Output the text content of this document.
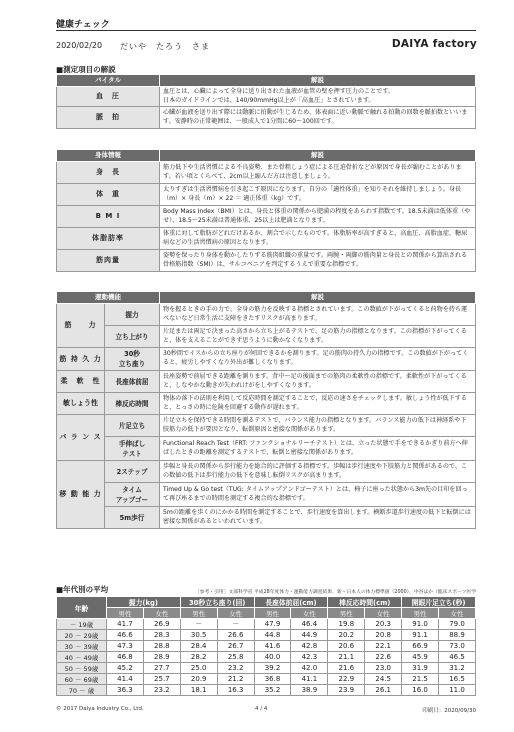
健康チェック
2020/02/20 だいや　たろう　さま	DAIYA factory
■測定項目の解説
バイタル	解説
血　圧	血圧とは、心臓によって全身に送り出された血液が血管の壁を押す圧力のことです。
日本のガイドラインでは、140/90mmHg以上が「高血圧」とされています。
脈　拍	心臓が血液を送り出す際には動脈に拍動が生じるため、体表面に近い動脈で触れる拍動の回数を脈拍数といいます。安静時の正常範囲は、一般成人で1分間に60〜100回です。
身体情報	解説
身　長	筋力低下や生活習慣による不良姿勢、また骨粗しょう症による圧迫骨折などが原因で身長が縮むことがあります。若い頃とくらべて、2cm以上縮んだ方は注意しましょう。
体　重	太りすぎは生活習慣病を引き起こす原因になります。自分の「適性体重」を知りそれを維持しましょう。身長（m）× 身長（m）× 22 ＝ 適正体重（kg）です。
B M I	Body Mass Index（BMI）とは、身長と体重の関係から肥満の程度をあらわす指数です。18.5未満は低体重（やせ）、18.5〜25未満は普通体重、25以上は肥満となります。
体脂肪率	体重に対して脂肪がどれだけあるか、割合で示したものです。体脂肪率が高すぎると、高血圧、高脂血症、糖尿病などの生活習慣病の原因となります。
筋肉量	姿勢を保ったり身体を動かしたりする筋肉組織の重量です。両腕・両脚の筋肉量と身長との関係から算出される骨格筋指数（SMI）は、サルコペニアを判定するうえで重要な指標です。
運動機能		解説
筋　　力	握力	物を握るときの手の力で、全身の筋力を反映する指標とされています。この数値が下がってくると荷物を持ち運べないなど日常生活に支障をきたすリスクが高まります。
	立ち上がり	片足または両足で決まった高さから立ち上がるテストで、足の筋力の指標となります。この指標が下がってくると、体を支えることができず思うように動かなくなります。
筋 持 久 力	30秒
立ち座り	30秒間でイスからの立ち座りが何回できるかを測ります。足の筋肉の持久力の指標です。この数値が下がってくると、疲労しやすくなり外出が難しくなります。
柔　軟　性	長座体前屈	長座姿勢で前屈できる距離を測ります。背中〜足の後面までの筋肉の柔軟性の指標です。柔軟性が下がってくると、しなやかな動きが失われけがをしやすくなります。
敏しょう性	棒反応時間	物体の落下の法則を利用して反応時間を測定することで、反応の速さをチェックします。敏しょう性が低下すると、とっさの時に危険を回避する動作が遅れます。
バ ラ ン ス	片足立ち	片足立ちを保持できる時間を測るテストで、バランス能力の指標となります。バランス能力の低下は神経系や下肢筋力の低下が要因となり、転倒原因と密接な関係があります。
	手伸ばし
テスト	Functional Reach Test（FRT: ファンクショナルリーチテスト）とは、立った状態で手をできるかぎり前方へ伸ばしたときの距離を測定するテストで、転倒と密接な関係があります。
移 動 能 力	2ステップ	歩幅と身長の関係から歩行能力を総合的に評価する指標です。歩幅は歩行速度や下肢筋力と関係があるので、この数値の低下は歩行能力の低下を意味し転倒リスクが高まります。
	タイム
アップゴー	Timed Up & Go test（TUG: タイムアップアンドゴーテスト）とは、椅子に座った状態から3m先の目印を回って再び座るまでの時間を測定する複合的な指標です。
	5m歩行	5mの距離を歩くのにかかる時間を測定することで、歩行速度を算出します。横断歩道歩行速度の低下と転倒には密接な関係があるといわれています。
■年代別の平均	［参考・引用］文部科学省 平成28年度体力・運動能力調査結果、新・日本人の体力標準値（2000）、中谷ほか（臨床スポーツ医学
年齢	握力(kg)		30秒立ち座り(回)		長座体前屈(cm)		棒反応時間(cm)		開眼片足立ち(秒)	
	男性	女性	男性	女性	男性	女性	男性	女性	男性	女性
－ 19歳	41.7	26.9	－	－	47.9	46.4	19.8	20.3	91.0	79.0
20 － 29歳	46.6	28.3	30.5	26.6	44.8	44.9	20.2	20.8	91.1	88.9
30 － 39歳	47.3	28.8	28.4	26.7	41.6	42.8	20.6	22.1	66.9	73.0
40 － 49歳	46.8	28.9	28.2	25.8	40.0	42.3	21.1	22.6	45.9	46.5
50 － 59歳	45.2	27.7	25.0	23.2	39.2	42.0	21.6	23.0	31.9	31.2
60 － 69歳	41.4	25.7	20.9	21.2	36.8	41.1	22.9	24.5	21.5	16.5
70 － 歳	36.3	23.2	18.1	16.3	35.2	38.9	23.9	26.1	16.0	11.0
© 2017 Daiya Industry Co., Ltd.	4 / 4	印刷日：2020/09/30
